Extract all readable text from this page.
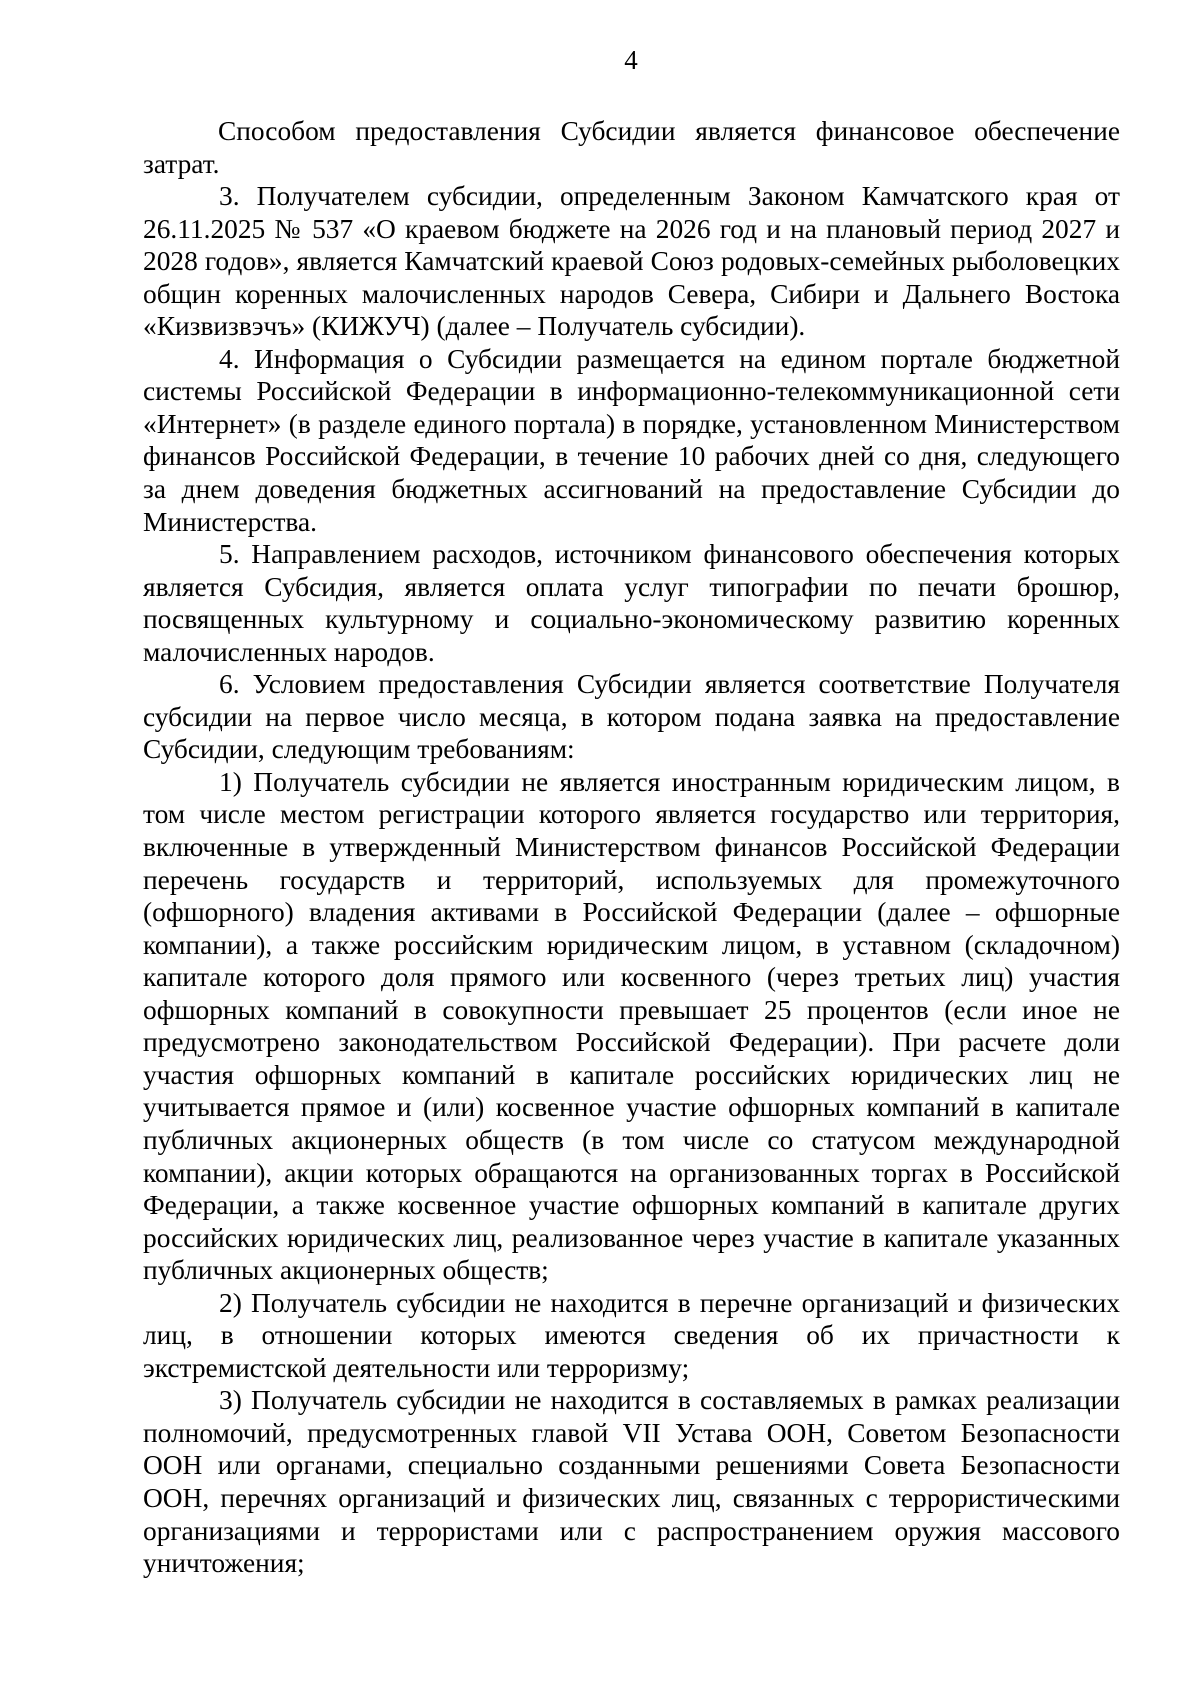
4

Способом предоставления Субсидии является финансовое обеспечение затрат.

3. Получателем субсидии, определенным Законом Камчатского края от 26.11.2025 № 537 «О краевом бюджете на 2026 год и на плановый период 2027 и 2028 годов», является Камчатский краевой Союз родовых-семейных рыболовецких общин коренных малочисленных народов Севера, Сибири и Дальнего Востока «Кизвизвэчъ» (КИЖУЧ) (далее – Получатель субсидии).

4. Информация о Субсидии размещается на едином портале бюджетной системы Российской Федерации в информационно-телекоммуникационной сети «Интернет» (в разделе единого портала) в порядке, установленном Министерством финансов Российской Федерации, в течение 10 рабочих дней со дня, следующего за днем доведения бюджетных ассигнований на предоставление Субсидии до Министерства.

5. Направлением расходов, источником финансового обеспечения которых является Субсидия, является оплата услуг типографии по печати брошюр, посвященных культурному и социально-экономическому развитию коренных малочисленных народов.

6. Условием предоставления Субсидии является соответствие Получателя субсидии на первое число месяца, в котором подана заявка на предоставление Субсидии, следующим требованиям:

1) Получатель субсидии не является иностранным юридическим лицом, в том числе местом регистрации которого является государство или территория, включенные в утвержденный Министерством финансов Российской Федерации перечень государств и территорий, используемых для промежуточного (офшорного) владения активами в Российской Федерации (далее – офшорные компании), а также российским юридическим лицом, в уставном (складочном) капитале которого доля прямого или косвенного (через третьих лиц) участия офшорных компаний в совокупности превышает 25 процентов (если иное не предусмотрено законодательством Российской Федерации). При расчете доли участия офшорных компаний в капитале российских юридических лиц не учитывается прямое и (или) косвенное участие офшорных компаний в капитале публичных акционерных обществ (в том числе со статусом международной компании), акции которых обращаются на организованных торгах в Российской Федерации, а также косвенное участие офшорных компаний в капитале других российских юридических лиц, реализованное через участие в капитале указанных публичных акционерных обществ;

2) Получатель субсидии не находится в перечне организаций и физических лиц, в отношении которых имеются сведения об их причастности к экстремистской деятельности или терроризму;

3) Получатель субсидии не находится в составляемых в рамках реализации полномочий, предусмотренных главой VII Устава ООН, Советом Безопасности ООН или органами, специально созданными решениями Совета Безопасности ООН, перечнях организаций и физических лиц, связанных с террористическими организациями и террористами или с распространением оружия массового уничтожения;
